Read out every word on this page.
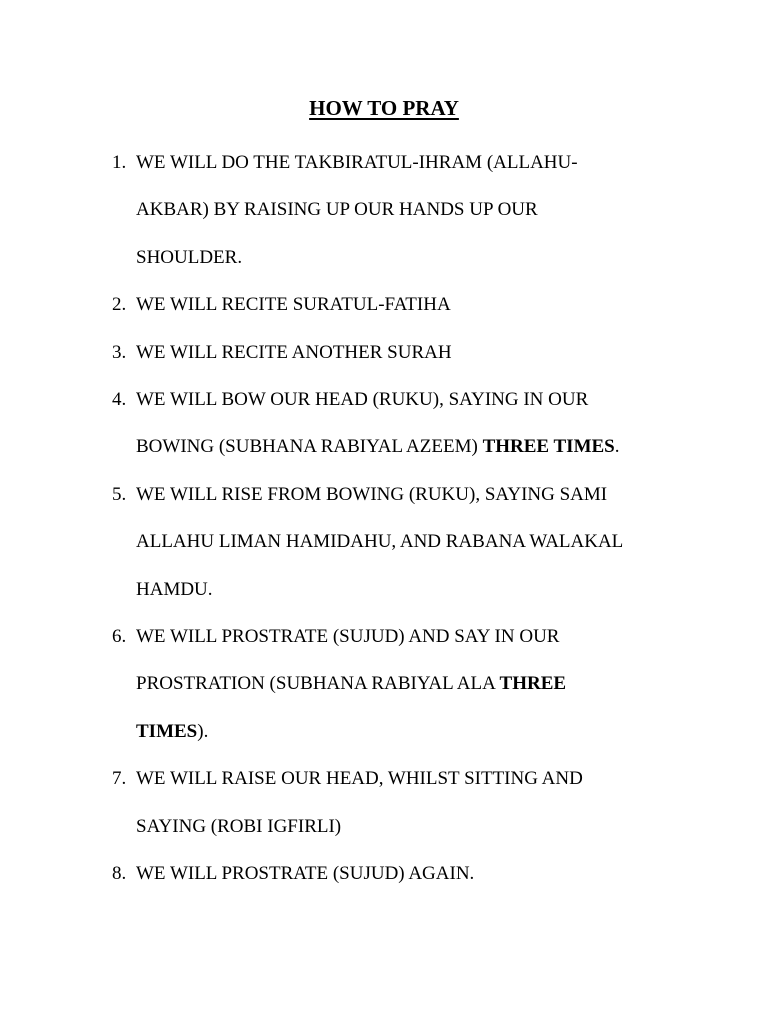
HOW TO PRAY
1. WE WILL DO THE TAKBIRATUL-IHRAM (ALLAHU-
AKBAR) BY RAISING UP OUR HANDS UP OUR
SHOULDER.
2. WE WILL RECITE SURATUL-FATIHA
3. WE WILL RECITE ANOTHER SURAH
4. WE WILL BOW OUR HEAD (RUKU), SAYING IN OUR
BOWING (SUBHANA RABIYAL AZEEM) THREE TIMES.
5. WE WILL RISE FROM BOWING (RUKU), SAYING SAMI
ALLAHU LIMAN HAMIDAHU, AND RABANA WALAKAL
HAMDU.
6. WE WILL PROSTRATE (SUJUD) AND SAY IN OUR
PROSTRATION (SUBHANA RABIYAL ALA THREE
TIMES).
7. WE WILL RAISE OUR HEAD, WHILST SITTING AND
SAYING (ROBI IGFIRLI)
8. WE WILL PROSTRATE (SUJUD) AGAIN.
